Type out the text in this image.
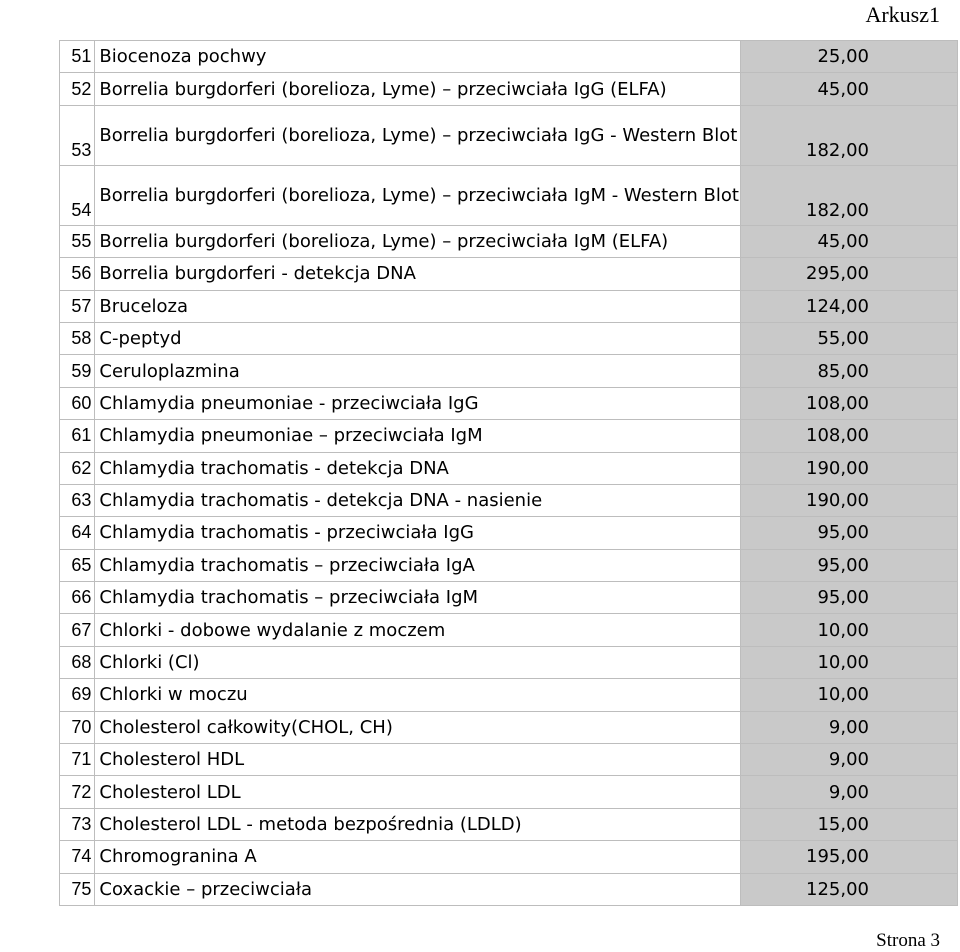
Arkusz1
51	Biocenoza pochwy	25,00
52	Borrelia burgdorferi (borelioza, Lyme) – przeciwciała IgG (ELFA)	45,00
53	Borrelia burgdorferi (borelioza, Lyme) – przeciwciała IgG - Western Blot	182,00
54	Borrelia burgdorferi (borelioza, Lyme) – przeciwciała IgM - Western Blot	182,00
55	Borrelia burgdorferi (borelioza, Lyme) – przeciwciała IgM (ELFA)	45,00
56	Borrelia burgdorferi - detekcja DNA	295,00
57	Bruceloza	124,00
58	C-peptyd	55,00
59	Ceruloplazmina	85,00
60	Chlamydia pneumoniae - przeciwciała IgG	108,00
61	Chlamydia pneumoniae – przeciwciała IgM	108,00
62	Chlamydia trachomatis - detekcja DNA	190,00
63	Chlamydia trachomatis - detekcja DNA - nasienie	190,00
64	Chlamydia trachomatis - przeciwciała IgG	95,00
65	Chlamydia trachomatis – przeciwciała IgA	95,00
66	Chlamydia trachomatis – przeciwciała IgM	95,00
67	Chlorki - dobowe wydalanie z moczem	10,00
68	Chlorki (Cl)	10,00
69	Chlorki w moczu	10,00
70	Cholesterol całkowity(CHOL, CH)	9,00
71	Cholesterol HDL	9,00
72	Cholesterol LDL	9,00
73	Cholesterol LDL - metoda bezpośrednia (LDLD)	15,00
74	Chromogranina A	195,00
75	Coxackie – przeciwciała	125,00
Strona 3
